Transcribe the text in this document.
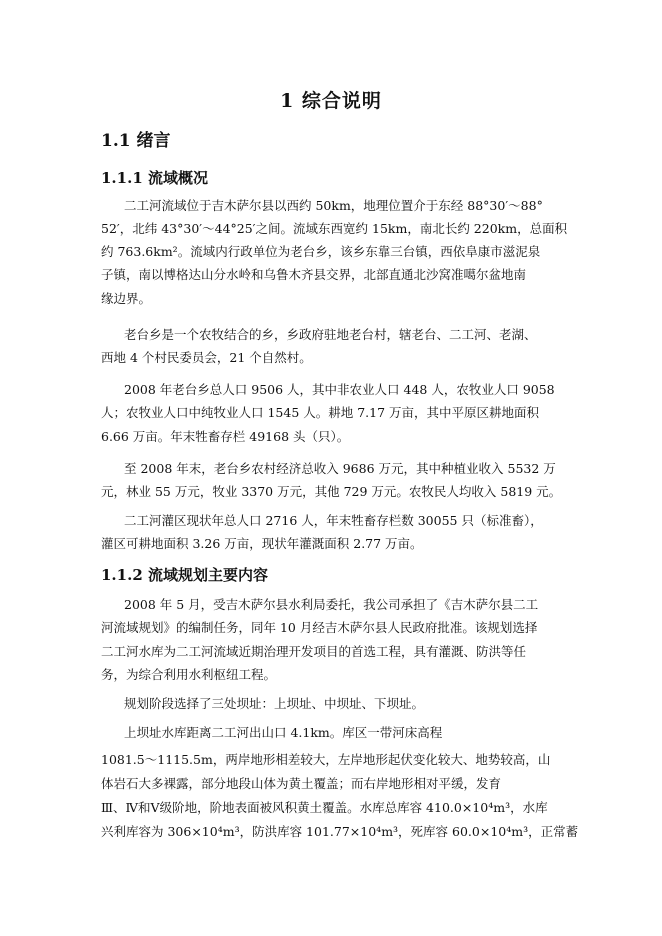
1 综合说明
1.1 绪言
1.1.1 流域概况
二工河流域位于吉木萨尔县以西约 50km，地理位置介于东经 88°30′～88°
52′，北纬 43°30′～44°25′之间。流域东西宽约 15km，南北长约 220km，总面积
约 763.6km²。流域内行政单位为老台乡，该乡东靠三台镇，西依阜康市滋泥泉
子镇，南以博格达山分水岭和乌鲁木齐县交界，北部直通北沙窝准噶尔盆地南
缘边界。
老台乡是一个农牧结合的乡，乡政府驻地老台村，辖老台、二工河、老湖、
西地 4 个村民委员会，21 个自然村。
2008 年老台乡总人口 9506 人，其中非农业人口 448 人，农牧业人口 9058
人；农牧业人口中纯牧业人口 1545 人。耕地 7.17 万亩，其中平原区耕地面积
6.66 万亩。年末牲畜存栏 49168 头（只）。
至 2008 年末，老台乡农村经济总收入 9686 万元，其中种植业收入 5532 万
元，林业 55 万元，牧业 3370 万元，其他 729 万元。农牧民人均收入 5819 元。
二工河灌区现状年总人口 2716 人，年末牲畜存栏数 30055 只（标准畜），
灌区可耕地面积 3.26 万亩，现状年灌溉面积 2.77 万亩。
1.1.2 流域规划主要内容
2008 年 5 月，受吉木萨尔县水利局委托，我公司承担了《吉木萨尔县二工
河流域规划》的编制任务，同年 10 月经吉木萨尔县人民政府批准。该规划选择
二工河水库为二工河流域近期治理开发项目的首选工程，具有灌溉、防洪等任
务，为综合利用水利枢纽工程。
规划阶段选择了三处坝址：上坝址、中坝址、下坝址。
上坝址水库距离二工河出山口 4.1km。库区一带河床高程
1081.5～1115.5m，两岸地形相差较大，左岸地形起伏变化较大、地势较高，山
体岩石大多裸露，部分地段山体为黄土覆盖；而右岸地形相对平缓，发育
Ⅲ、Ⅳ和Ⅴ级阶地，阶地表面被风积黄土覆盖。水库总库容 410.0×10⁴m³，水库
兴利库容为 306×10⁴m³，防洪库容 101.77×10⁴m³，死库容 60.0×10⁴m³，正常蓄
